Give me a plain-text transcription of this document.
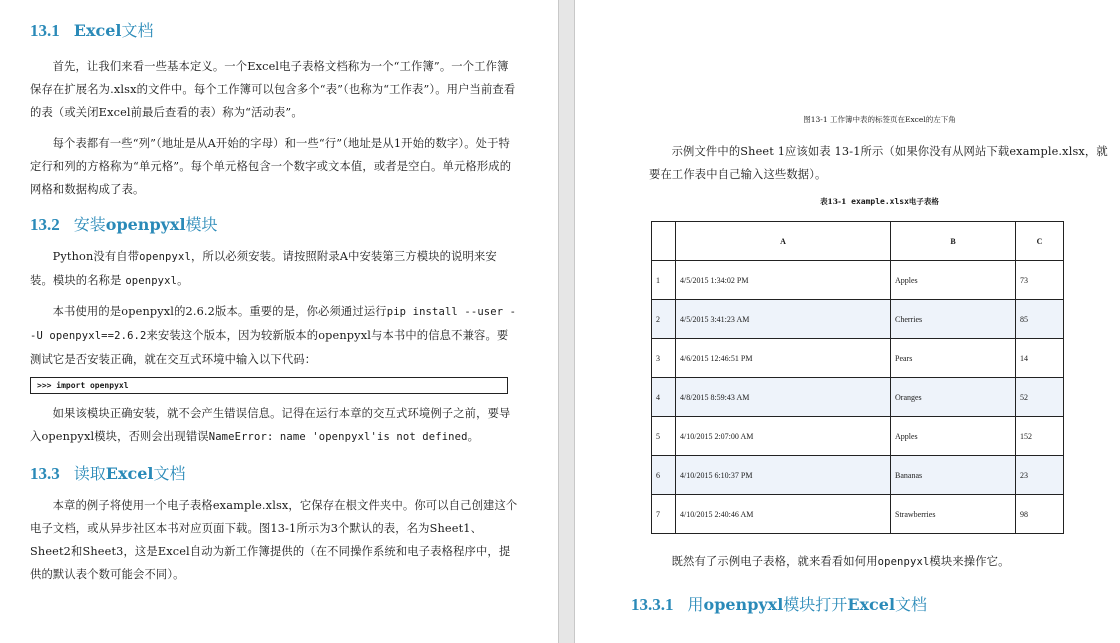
13.1 Excel文档

首先，让我们来看一些基本定义。一个Excel电子表格文档称为一个“工作簿”。一个工作簿保存在扩展名为.xlsx的文件中。每个工作簿可以包含多个“表”（也称为“工作表”）。用户当前查看的表（或关闭Excel前最后查看的表）称为“活动表”。

每个表都有一些“列”（地址是从A开始的字母）和一些“行”（地址是从1开始的数字）。处于特定行和列的方格称为“单元格”。每个单元格包含一个数字或文本值，或者是空白。单元格形成的网格和数据构成了表。

13.2 安装openpyxl模块

Python没有自带openpyxl，所以必须安装。请按照附录A中安装第三方模块的说明来安装。模块的名称是 openpyxl。

本书使用的是openpyxl的2.6.2版本。重要的是，你必须通过运行pip install --user --U openpyxl==2.6.2来安装这个版本，因为较新版本的openpyxl与本书中的信息不兼容。要测试它是否安装正确，就在交互式环境中输入以下代码：

>>> import openpyxl

如果该模块正确安装，就不会产生错误信息。记得在运行本章的交互式环境例子之前，要导入openpyxl模块，否则会出现错误NameError: name 'openpyxl'is not defined。

13.3 读取Excel文档

本章的例子将使用一个电子表格example.xlsx，它保存在根文件夹中。你可以自己创建这个电子文档，或从异步社区本书对应页面下载。图13-1所示为3个默认的表，名为Sheet1、Sheet2和Sheet3，这是Excel自动为新工作簿提供的（在不同操作系统和电子表格程序中，提供的默认表个数可能会不同）。

图13-1 工作簿中表的标签页在Excel的左下角

示例文件中的Sheet 1应该如表 13-1所示（如果你没有从网站下载example.xlsx，就要在工作表中自己输入这些数据）。

表13-1 example.xlsx电子表格
	A	B	C
1	4/5/2015 1:34:02 PM	Apples	73
2	4/5/2015 3:41:23 AM	Cherries	85
3	4/6/2015 12:46:51 PM	Pears	14
4	4/8/2015 8:59:43 AM	Oranges	52
5	4/10/2015 2:07:00 AM	Apples	152
6	4/10/2015 6:10:37 PM	Bananas	23
7	4/10/2015 2:40:46 AM	Strawberries	98

既然有了示例电子表格，就来看看如何用openpyxl模块来操作它。

13.3.1 用openpyxl模块打开Excel文档
